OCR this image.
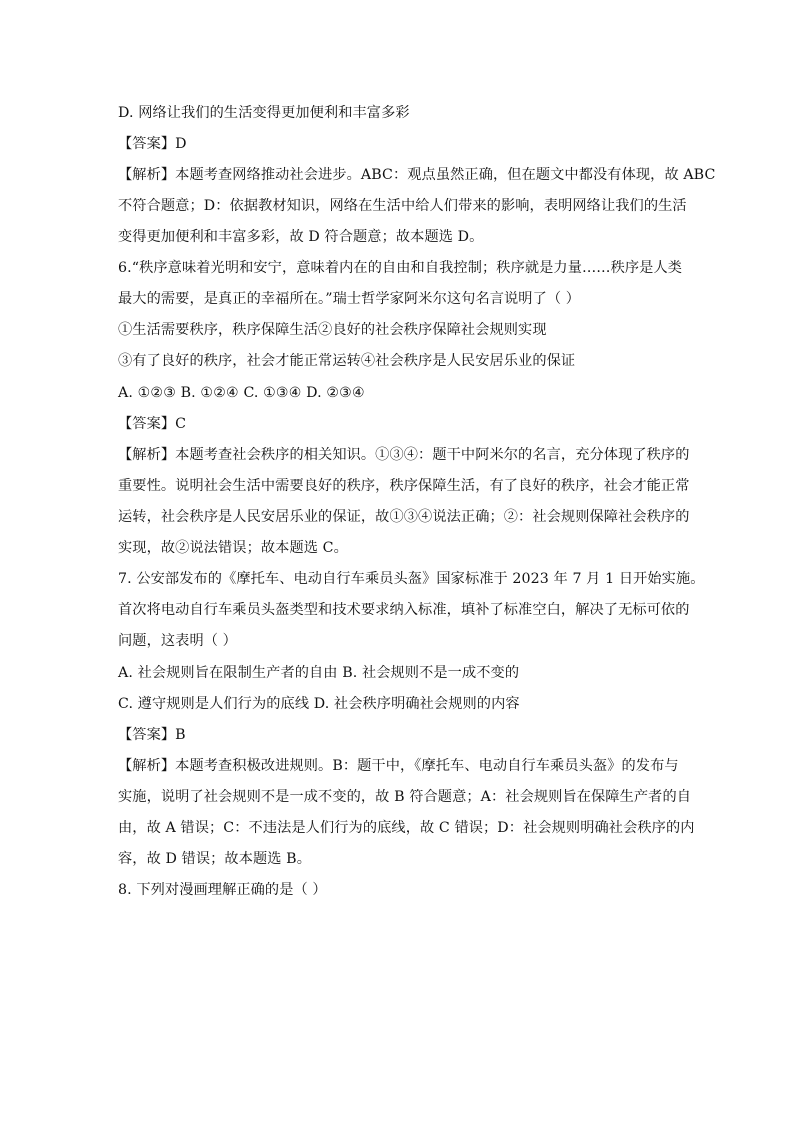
D. 网络让我们的生活变得更加便利和丰富多彩
【答案】D
【解析】本题考查网络推动社会进步。ABC：观点虽然正确，但在题文中都没有体现，故 ABC
不符合题意；D：依据教材知识，网络在生活中给人们带来的影响，表明网络让我们的生活
变得更加便利和丰富多彩，故 D 符合题意；故本题选 D。
6.“秩序意味着光明和安宁，意味着内在的自由和自我控制；秩序就是力量……秩序是人类
最大的需要，是真正的幸福所在。”瑞士哲学家阿米尔这句名言说明了（ ）
①生活需要秩序，秩序保障生活②良好的社会秩序保障社会规则实现
③有了良好的秩序，社会才能正常运转④社会秩序是人民安居乐业的保证
A. ①②③ B. ①②④ C. ①③④ D. ②③④
【答案】C
【解析】本题考查社会秩序的相关知识。①③④：题干中阿米尔的名言，充分体现了秩序的
重要性。说明社会生活中需要良好的秩序，秩序保障生活，有了良好的秩序，社会才能正常
运转，社会秩序是人民安居乐业的保证，故①③④说法正确；②：社会规则保障社会秩序的
实现，故②说法错误；故本题选 C。
7. 公安部发布的《摩托车、电动自行车乘员头盔》国家标准于 2023 年 7 月 1 日开始实施。
首次将电动自行车乘员头盔类型和技术要求纳入标准，填补了标准空白，解决了无标可依的
问题，这表明（ ）
A. 社会规则旨在限制生产者的自由 B. 社会规则不是一成不变的
C. 遵守规则是人们行为的底线 D. 社会秩序明确社会规则的内容
【答案】B
【解析】本题考查积极改进规则。B：题干中，《摩托车、电动自行车乘员头盔》的发布与
实施，说明了社会规则不是一成不变的，故 B 符合题意；A：社会规则旨在保障生产者的自
由，故 A 错误；C：不违法是人们行为的底线，故 C 错误；D：社会规则明确社会秩序的内
容，故 D 错误；故本题选 B。
8. 下列对漫画理解正确的是（ ）
